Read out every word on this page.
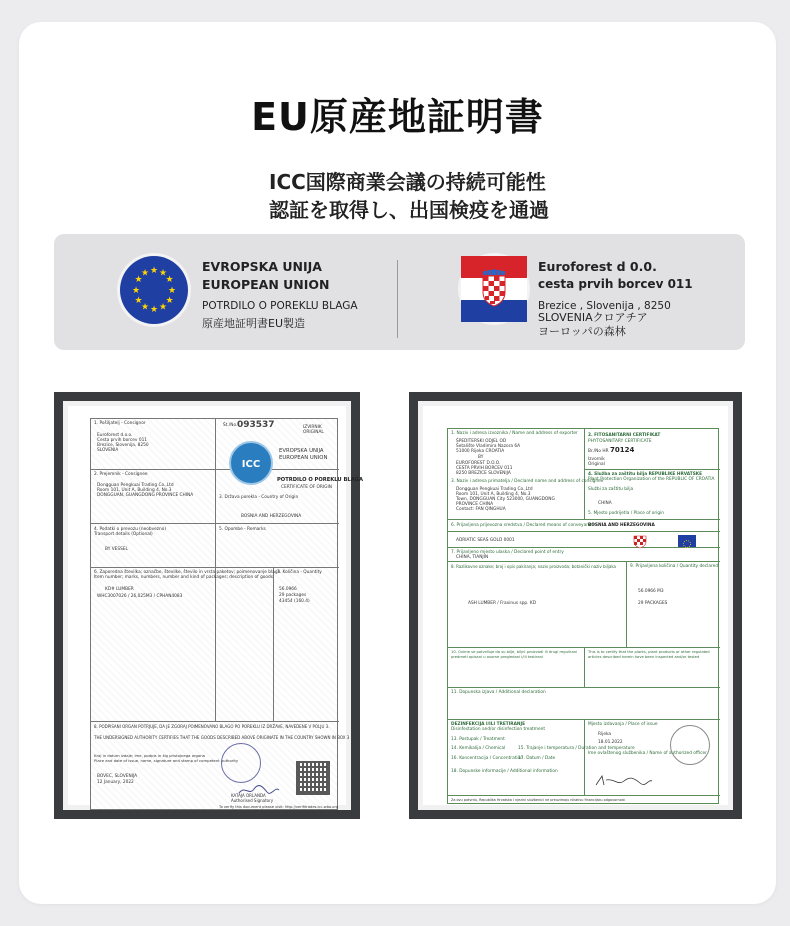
EU原産地証明書
ICC国際商業会議の持続可能性
認証を取得し、出国検疫を通過
★ ★
★
★
★
★
★
★
★
★
★
★	EVROPSKA UNIJA
EUROPEAN UNION
POTRDILO O POREKLU BLAGA
原産地証明書EU製造
Euroforest d 0.0.
cesta prvih borcev 011
Brezice , Slovenija , 8250
SLOVENIAクロアチア
ヨーロッパの森林
1. Pošiljatelj - Consignor
Euroforest d.o.o.
Cesta prvih borcev 011
Brezice, Slovenija, 8250
SLOVENIA
Št./No. 093537	IZVIRNIK
ORIGINAL
2. Prejemnik - Consignee
Dongguan Pengkuai Trading Co.,Ltd
Room 101, Unit A, Building 4, No.3
DONGGUAN, GUANGDONG PROVINCE CHINA
ICC
EVROPSKA UNIJA
EUROPEAN UNION
POTRDILO O POREKLU BLAGA
CERTIFICATE OF ORIGIN
3. Država porekla - Country of Origin
BOSNIA AND HERZEGOVINA
4. Podatki o prevozu (neobvezno)
Transport details (Optional)
BY VESSEL
5. Opombe - Remarks
6. Zaporedna številka; označbe, številke, število in vrsta paketov; poimenovanje blaga
Item number; marks, numbers, number and kind of packages; description of goods
7. Količina - Quantity
KD# LUMBER
WHC3007026 / 26,025M3 / CPHAN4083
56.0966
29 packages
43454 (160.4)
8. PODPISANI ORGAN POTRJUJE, DA JE ZGORAJ POIMENOVANO BLAGO PO POREKLU IZ DRŽAVE, NAVEDENE V POLJU 3.
THE UNDERSIGNED AUTHORITY CERTIFIES THAT THE GOODS DESCRIBED ABOVE ORIGINATE IN THE COUNTRY SHOWN IN BOX 3
Kraj in datum izdaje; ime, podpis in žig pristojnega organa
Place and date of issue, name, signature and stamp of competent authority
BOVEC, SLOVENIJA
12 January, 2022
KATAJA ORLANDA
Authorised Signatory
To verify this document please visit: http://verifitrades.icc-wbo.org
1. Naziv i adresa izvoznika / Name and address of exporter
ŠPEDITERSKI ODJEL OD
Šetalište Vladimira Nazora 6A
51000 Rijeka CROATIA
BY
EUROFOREST D.O.O.
CESTA PRVIH BORCEV 011
8250 BREZICE SLOVENIJA
2. FITOSANITARNI CERTIFIKAT
PHYTOSANITARY CERTIFICATE
Br./No HR 70124
Izvornik
Original
3. Naziv i adresa primatelja / Declared name and address of consignee
Dongguan Pengkuai Trading Co.,Ltd
Room 101, Unit A, Building 4, No.3
Town, DONGGUAN City 523000, GUANGDONG
PROVINCE CHINA
Contact: FAN QINGHUA
4. Služba za zaštitu bilja REPUBLIKE HRVATSKE
Plant Protection Organization of the REPUBLIC OF CROATIA
Službi za zaštitu bilja
CHINA
5. Mjesto podrijetla / Place of origin
BOSNIA AND HERZEGOVINA
6. Prijavljena prijevozna sredstva / Declared means of conveyance
ADRIATIC SEAS GOLD 0001
7. Prijavljeno mjesto ulaska / Declared point of entry
CHINA, TIANJIN
8. Razlikovne oznake; broj i opis pakiranja; naziv proizvoda; botanički naziv biljaka	9. Prijavljena količina / Quantity declared
ASH LUMBER / Fraxinus spp. KD
56.0966 M3
29 PACKAGES
10. Ovime se potvrđuje da su bilje, biljni proizvodi ili drugi regulirani predmeti opisani u ovome pregledani i/ili testirani
This is to certify that the plants, plant products or other regulated articles described herein have been inspected and/or tested
11. Dopunska izjava / Additional declaration
DEZINFEKCIJA I/ILI TRETIRANJE
Disinfestation and/or disinfection treatment
13. Postupak / Treatment
14. Kemikalija / Chemical	15. Trajanje i temperatura / Duration and temperature
16. Koncentracija / Concentration
17. Datum / Date
18. Dopunske informacije / Additional information
Mjesto izdavanja / Place of issue
Rijeka
18.01.2022
Ime ovlaštenog službenika / Name of authorized officer
Za ovu potvrdu, Republika Hrvatska i njezini službenici ne preuzimaju nikakvu financijsku odgovornost
